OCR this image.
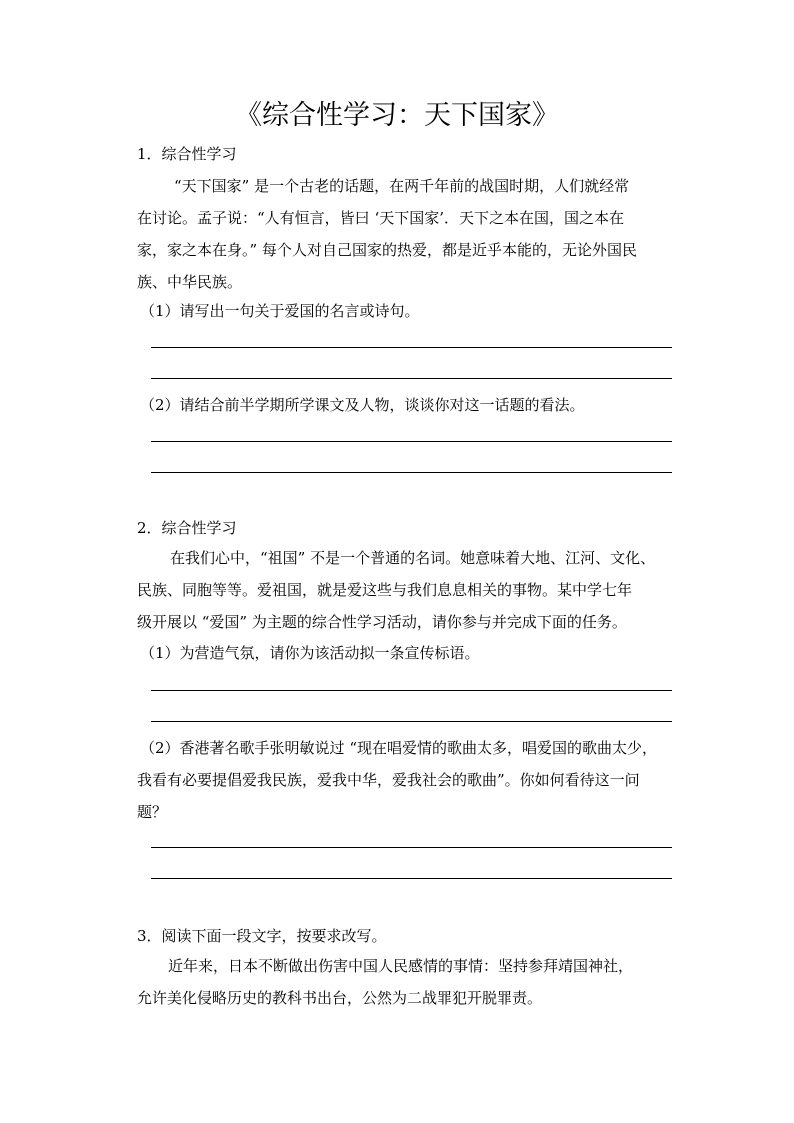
《综合性学习：天下国家》
1．综合性学习
“天下国家” 是一个古老的话题，在两千年前的战国时期，人们就经常
在讨论。孟子说：“人有恒言，皆曰 ‘天下国家’．天下之本在国，国之本在
家，家之本在身。” 每个人对自己国家的热爱，都是近乎本能的，无论外国民
族、中华民族。
（1）请写出一句关于爱国的名言或诗句。
（2）请结合前半学期所学课文及人物，谈谈你对这一话题的看法。
2．综合性学习
在我们心中，“祖国” 不是一个普通的名词。她意味着大地、江河、文化、
民族、同胞等等。爱祖国，就是爱这些与我们息息相关的事物。某中学七年
级开展以 “爱国” 为主题的综合性学习活动，请你参与并完成下面的任务。
（1）为营造气氛，请你为该活动拟一条宣传标语。
（2）香港著名歌手张明敏说过 “现在唱爱情的歌曲太多，唱爱国的歌曲太少，
我看有必要提倡爱我民族，爱我中华，爱我社会的歌曲”。你如何看待这一问
题？
3．阅读下面一段文字，按要求改写。
近年来，日本不断做出伤害中国人民感情的事情：坚持参拜靖国神社，
允许美化侵略历史的教科书出台，公然为二战罪犯开脱罪责。
